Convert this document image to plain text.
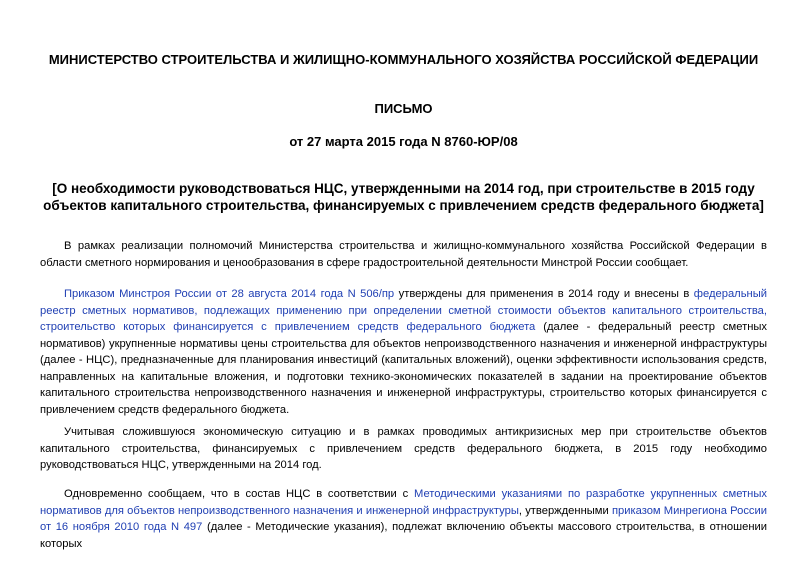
МИНИСТЕРСТВО СТРОИТЕЛЬСТВА И ЖИЛИЩНО-КОММУНАЛЬНОГО ХОЗЯЙСТВА РОССИЙСКОЙ ФЕДЕРАЦИИ
ПИСЬМО
от 27 марта 2015 года N 8760-ЮР/08
[О необходимости руководствоваться НЦС, утвержденными на 2014 год, при строительстве в 2015 году объектов капитального строительства, финансируемых с привлечением средств федерального бюджета]

В рамках реализации полномочий Министерства строительства и жилищно-коммунального хозяйства Российской Федерации в области сметного нормирования и ценообразования в сфере градостроительной деятельности Минстрой России сообщает.

Приказом Минстроя России от 28 августа 2014 года N 506/пр утверждены для применения в 2014 году и внесены в федеральный реестр сметных нормативов, подлежащих применению при определении сметной стоимости объектов капитального строительства, строительство которых финансируется с привлечением средств федерального бюджета (далее - федеральный реестр сметных нормативов) укрупненные нормативы цены строительства для объектов непроизводственного назначения и инженерной инфраструктуры (далее - НЦС), предназначенные для планирования инвестиций (капитальных вложений), оценки эффективности использования средств, направленных на капитальные вложения, и подготовки технико-экономических показателей в задании на проектирование объектов капитального строительства непроизводственного назначения и инженерной инфраструктуры, строительство которых финансируется с привлечением средств федерального бюджета.

Учитывая сложившуюся экономическую ситуацию и в рамках проводимых антикризисных мер при строительстве объектов капитального строительства, финансируемых с привлечением средств федерального бюджета, в 2015 году необходимо руководствоваться НЦС, утвержденными на 2014 год.

Одновременно сообщаем, что в состав НЦС в соответствии с Методическими указаниями по разработке укрупненных сметных нормативов для объектов непроизводственного назначения и инженерной инфраструктуры, утвержденными приказом Минрегиона России от 16 ноября 2010 года N 497 (далее - Методические указания), подлежат включению объекты массового строительства, в отношении которых
